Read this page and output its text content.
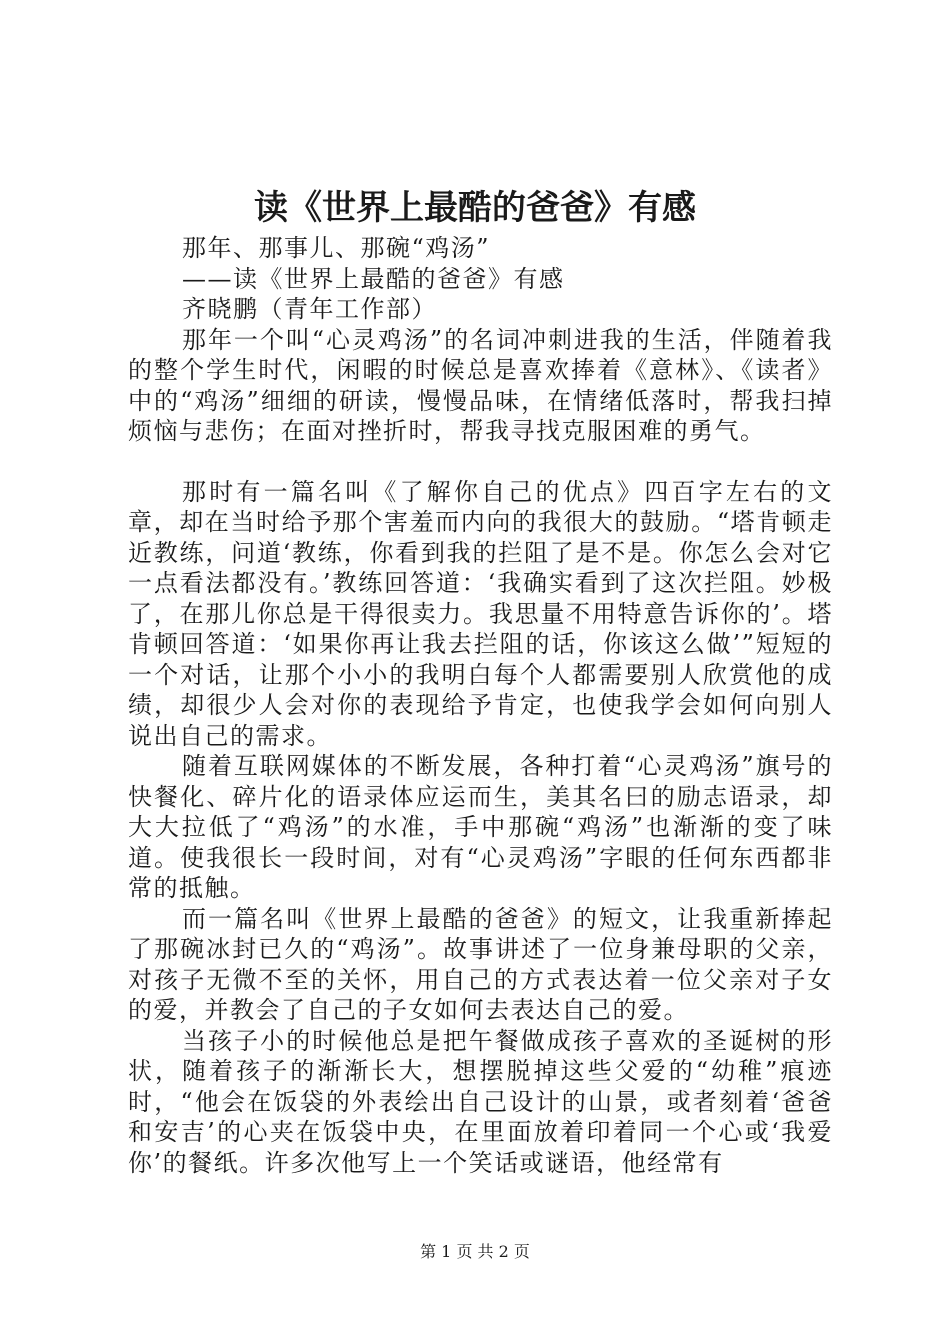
读《世界上最酷的爸爸》有感

那年、那事儿、那碗“鸡汤”

——读《世界上最酷的爸爸》有感

齐晓鹏（青年工作部）

那年一个叫“心灵鸡汤”的名词冲刺进我的生活，伴随着我的整个学生时代，闲暇的时候总是喜欢捧着《意林》、《读者》中的“鸡汤”细细的研读，慢慢品味，在情绪低落时，帮我扫掉烦恼与悲伤；在面对挫折时，帮我寻找克服困难的勇气。

那时有一篇名叫《了解你自己的优点》四百字左右的文章，却在当时给予那个害羞而内向的我很大的鼓励。“塔肯顿走近教练，问道‘教练，你看到我的拦阻了是不是。你怎么会对它一点看法都没有。’教练回答道：‘我确实看到了这次拦阻。妙极了，在那儿你总是干得很卖力。我思量不用特意告诉你的’。塔肯顿回答道：‘如果你再让我去拦阻的话，你该这么做’”短短的一个对话，让那个小小的我明白每个人都需要别人欣赏他的成绩，却很少人会对你的表现给予肯定，也使我学会如何向别人说出自己的需求。

随着互联网媒体的不断发展，各种打着“心灵鸡汤”旗号的快餐化、碎片化的语录体应运而生，美其名曰的励志语录，却大大拉低了“鸡汤”的水准，手中那碗“鸡汤”也渐渐的变了味道。使我很长一段时间，对有“心灵鸡汤”字眼的任何东西都非常的抵触。

而一篇名叫《世界上最酷的爸爸》的短文，让我重新捧起了那碗冰封已久的“鸡汤”。故事讲述了一位身兼母职的父亲，对孩子无微不至的关怀，用自己的方式表达着一位父亲对子女的爱，并教会了自己的子女如何去表达自己的爱。

当孩子小的时候他总是把午餐做成孩子喜欢的圣诞树的形状，随着孩子的渐渐长大，想摆脱掉这些父爱的“幼稚”痕迹时，“他会在饭袋的外表绘出自己设计的山景，或者刻着‘爸爸和安吉’的心夹在饭袋中央，在里面放着印着同一个心或‘我爱你’的餐纸。许多次他写上一个笑话或谜语，他经常有

第 1 页 共 2 页
